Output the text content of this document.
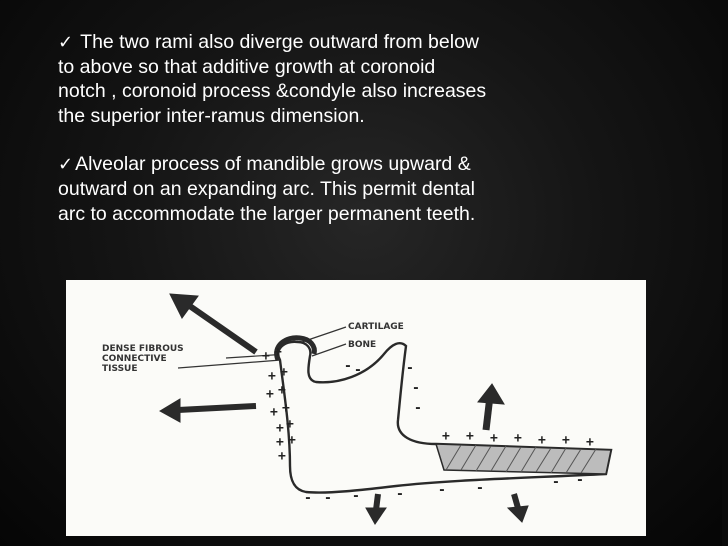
✓ The two rami also diverge outward from below
to above so that additive growth at coronoid
notch , coronoid process &condyle also increases
the superior inter-ramus dimension.

✓ Alveolar process of mandible grows upward &
outward on an expanding arc. This permit dental
arc to accommodate the larger permanent teeth.

DENSE FIBROUS
CONNECTIVE
TISSUE
CARTILAGE
BONE
+ +
+ +
+ +
+ +
+ +
+ +
+
+ + + + + + +
- -	-
-
-
- - -	-	- -	- -
